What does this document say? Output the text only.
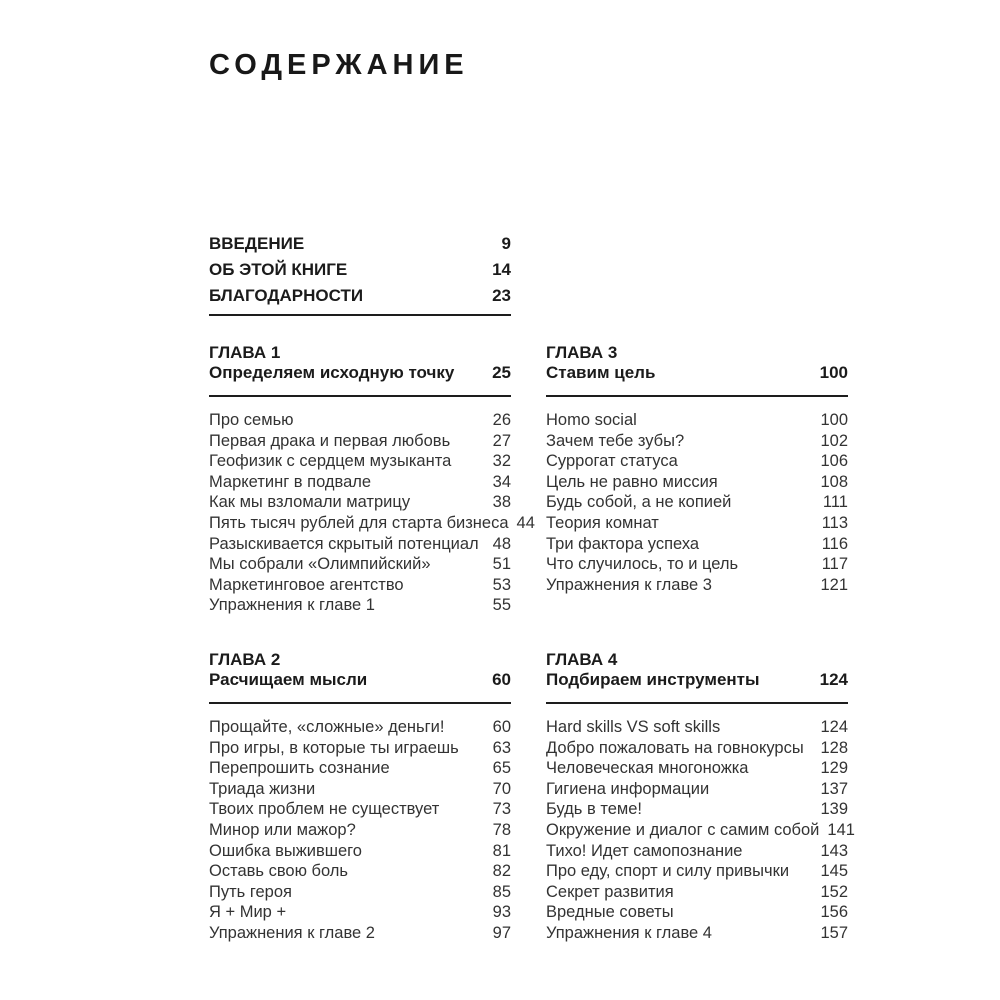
СОДЕРЖАНИЕ
ВВЕДЕНИЕ	9
ОБ ЭТОЙ КНИГЕ	14
БЛАГОДАРНОСТИ	23
ГЛАВА 1
Определяем исходную точку 25
Про семью	26
Первая драка и первая любовь	27
Геофизик с сердцем музыканта	32
Маркетинг в подвале	34
Как мы взломали матрицу	38
Пять тысяч рублей для старта бизнеса 44
Разыскивается скрытый потенциал 48
Мы собрали «Олимпийский»	51
Маркетинговое агентство	53
Упражнения к главе 1	55
ГЛАВА 2
Расчищаем мысли	60
Прощайте, «сложные» деньги!	60
Про игры, в которые ты играешь 63
Перепрошить сознание	65
Триада жизни	70
Твоих проблем не существует	73
Минор или мажор?	78
Ошибка выжившего	81
Оставь свою боль	82
Путь героя	85
Я + Мир +	93
Упражнения к главе 2	97
ГЛАВА 3
Ставим цель	100
Homo social	100
Зачем тебе зубы?	102
Суррогат статуса	106
Цель не равно миссия	108
Будь собой, а не копией	111
Теория комнат	113
Три фактора успеха	116
Что случилось, то и цель	117
Упражнения к главе 3	121
ГЛАВА 4
Подбираем инструменты	124
Hard skills VS soft skills	124
Добро пожаловать на говнокурсы 128
Человеческая многоножка	129
Гигиена информации	137
Будь в теме!	139
Окружение и диалог с самим собой 141
Тихо! Идет самопознание	143
Про еду, спорт и силу привычки 145
Секрет развития	152
Вредные советы	156
Упражнения к главе 4	157
